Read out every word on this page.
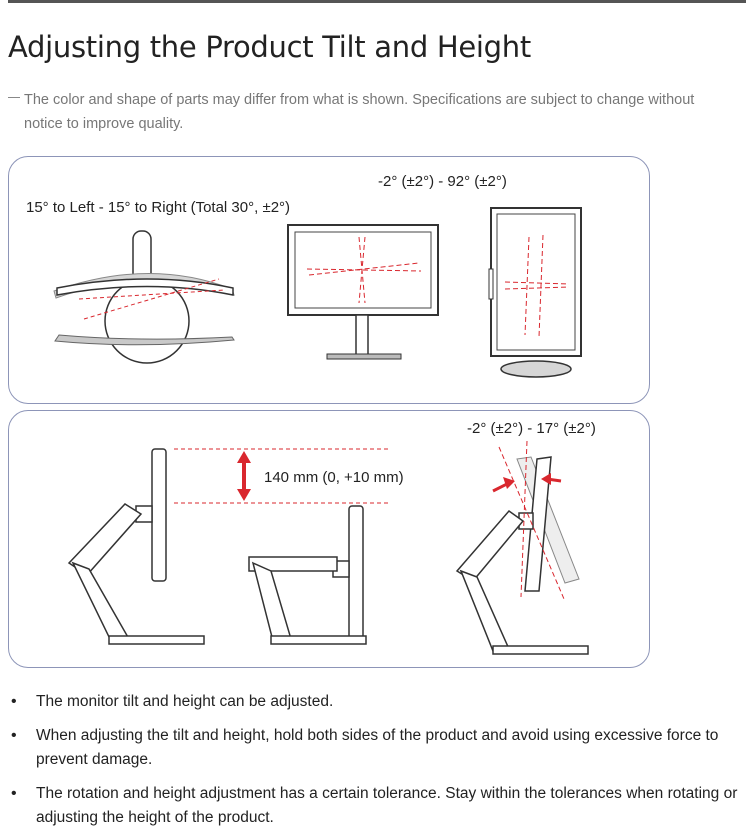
Adjusting the Product Tilt and Height
The color and shape of parts may differ from what is shown. Specifications are subject to change without notice to improve quality.
15° to Left - 15° to Right (Total 30°, ±2°)
-2° (±2°) - 92° (±2°)
140 mm (0, +10 mm)
-2° (±2°) - 17° (±2°)
• The monitor tilt and height can be adjusted.
• When adjusting the tilt and height, hold both sides of the product and avoid using excessive force to prevent damage.
• The rotation and height adjustment has a certain tolerance. Stay within the tolerances when rotating or adjusting the height of the product.
